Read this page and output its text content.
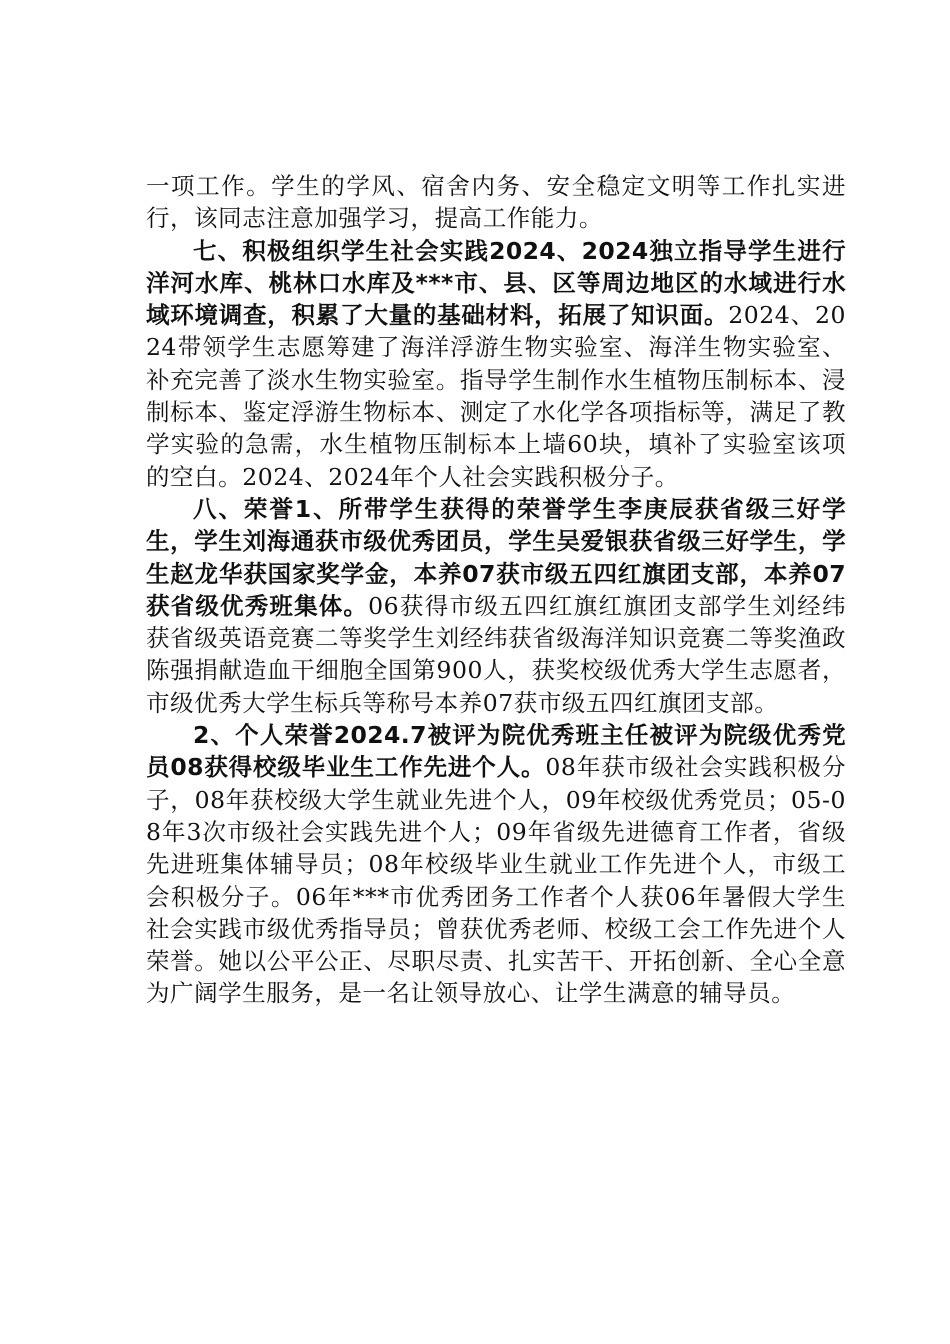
一项工作。学生的学风、宿舍内务、安全稳定文明等工作扎实进行，该同志注意加强学习，提高工作能力。

七、积极组织学生社会实践2024、2024独立指导学生进行洋河水库、桃林口水库及***市、县、区等周边地区的水域进行水域环境调查，积累了大量的基础材料，拓展了知识面。2024、2024带领学生志愿筹建了海洋浮游生物实验室、海洋生物实验室、补充完善了淡水生物实验室。指导学生制作水生植物压制标本、浸制标本、鉴定浮游生物标本、测定了水化学各项指标等，满足了教学实验的急需，水生植物压制标本上墙60块，填补了实验室该项的空白。2024、2024年个人社会实践积极分子。

八、荣誉1、所带学生获得的荣誉学生李庚辰获省级三好学生，学生刘海通获市级优秀团员，学生吴爱银获省级三好学生，学生赵龙华获国家奖学金，本养07获市级五四红旗团支部，本养07获省级优秀班集体。06获得市级五四红旗红旗团支部学生刘经纬获省级英语竞赛二等奖学生刘经纬获省级海洋知识竞赛二等奖渔政陈强捐献造血干细胞全国第900人，获奖校级优秀大学生志愿者，市级优秀大学生标兵等称号本养07获市级五四红旗团支部。

2、个人荣誉2024.7被评为院优秀班主任被评为院级优秀党员08获得校级毕业生工作先进个人。08年获市级社会实践积极分子，08年获校级大学生就业先进个人，09年校级优秀党员；05-08年3次市级社会实践先进个人；09年省级先进德育工作者，省级先进班集体辅导员；08年校级毕业生就业工作先进个人，市级工会积极分子。06年***市优秀团务工作者个人获06年暑假大学生社会实践市级优秀指导员；曾获优秀老师、校级工会工作先进个人荣誉。她以公平公正、尽职尽责、扎实苦干、开拓创新、全心全意为广阔学生服务，是一名让领导放心、让学生满意的辅导员。
